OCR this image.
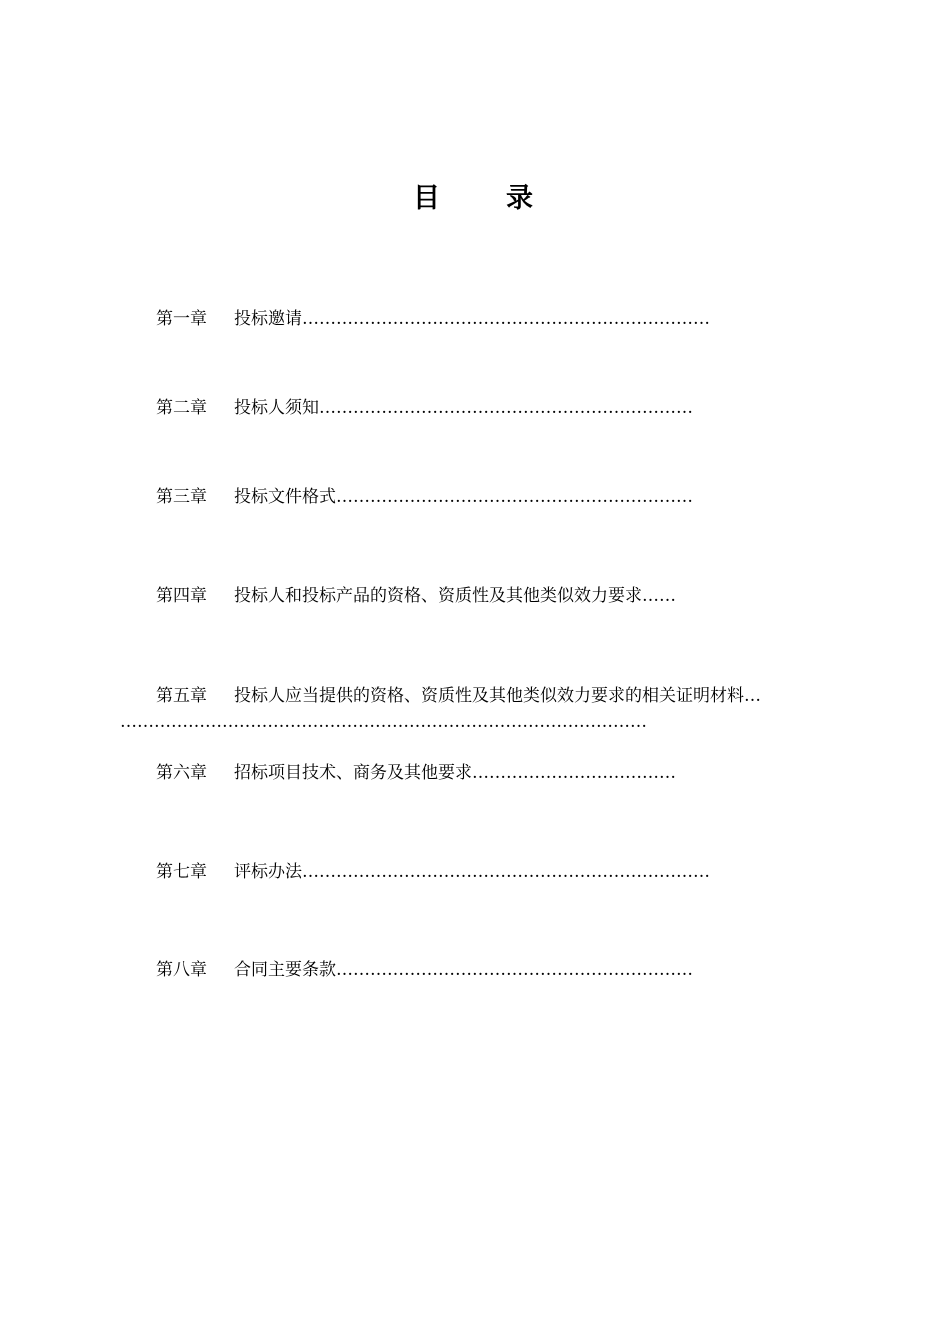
目　　录
第一章 投标邀请………………………………………………………………
第二章 投标人须知…………………………………………………………
第三章 投标文件格式………………………………………………………
第四章 投标人和投标产品的资格、资质性及其他类似效力要求……
第五章 投标人应当提供的资格、资质性及其他类似效力要求的相关证明材料…
…………………………………………………………………………………
第六章 招标项目技术、商务及其他要求………………………………
第七章 评标办法………………………………………………………………
第八章 合同主要条款………………………………………………………
